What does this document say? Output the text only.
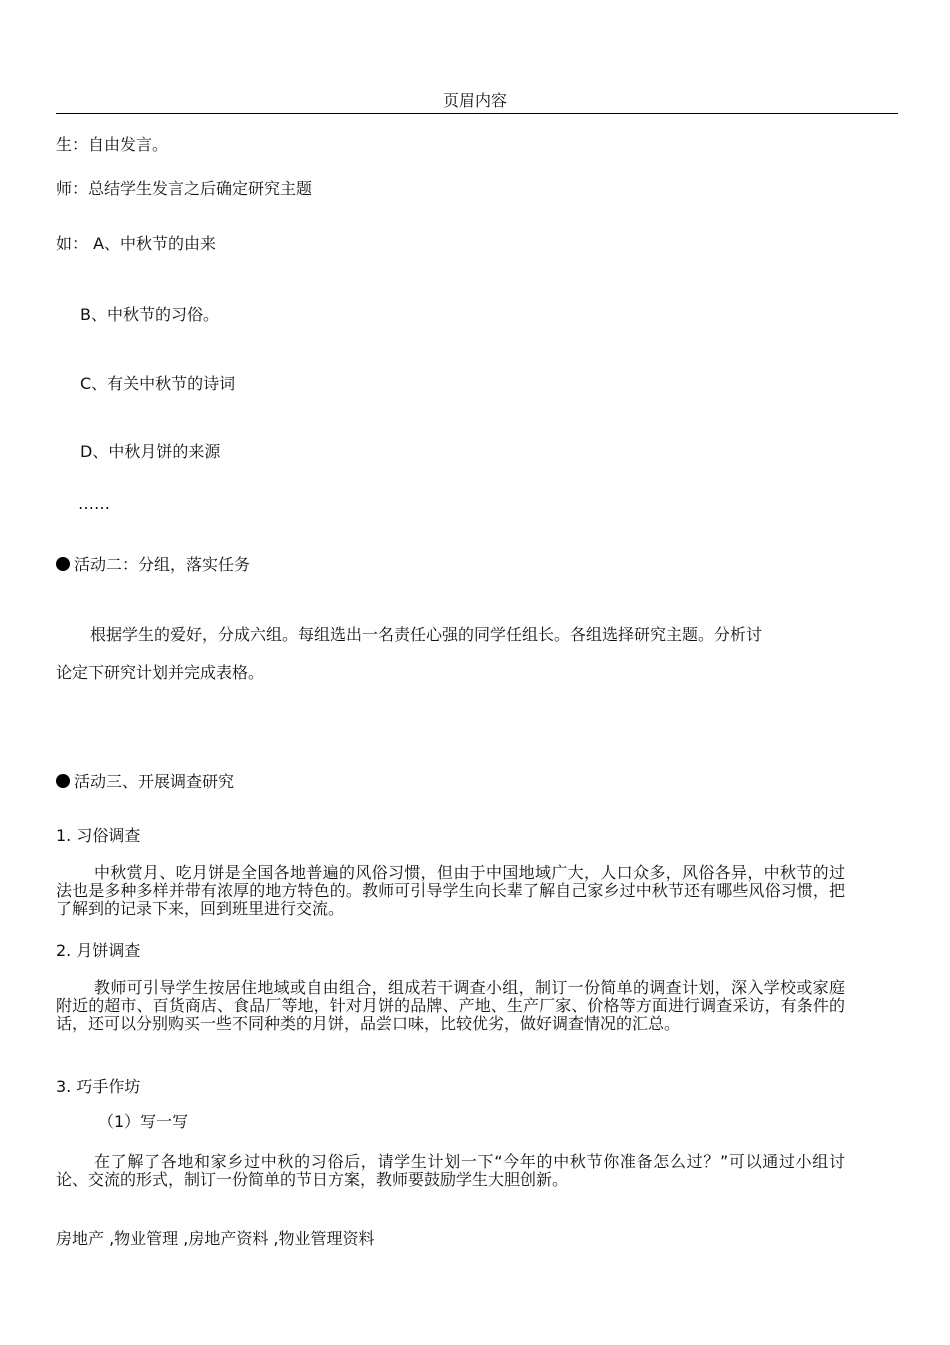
页眉内容
生：自由发言。
师：总结学生发言之后确定研究主题
如： A、中秋节的由来
B、中秋节的习俗。
C、有关中秋节的诗词
D、中秋月饼的来源
……
活动二：分组，落实任务
根据学生的爱好，分成六组。每组选出一名责任心强的同学任组长。各组选择研究主题。分析讨
论定下研究计划并完成表格。
活动三、开展调查研究
1. 习俗调查
中秋赏月、吃月饼是全国各地普遍的风俗习惯，但由于中国地域广大，人口众多，风俗各异，中秋节的过法也是多种多样并带有浓厚的地方特色的。教师可引导学生向长辈了解自己家乡过中秋节还有哪些风俗习惯，把了解到的记录下来，回到班里进行交流。
2. 月饼调查
教师可引导学生按居住地域或自由组合，组成若干调查小组，制订一份简单的调查计划，深入学校或家庭附近的超市、百货商店、食品厂等地，针对月饼的品牌、产地、生产厂家、价格等方面进行调查采访，有条件的话，还可以分别购买一些不同种类的月饼，品尝口味，比较优劣，做好调查情况的汇总。
3. 巧手作坊
（1）写一写
在了解了各地和家乡过中秋的习俗后，请学生计划一下“今年的中秋节你准备怎么过？”可以通过小组讨论、交流的形式，制订一份简单的节日方案，教师要鼓励学生大胆创新。
房地产 ,物业管理 ,房地产资料 ,物业管理资料
